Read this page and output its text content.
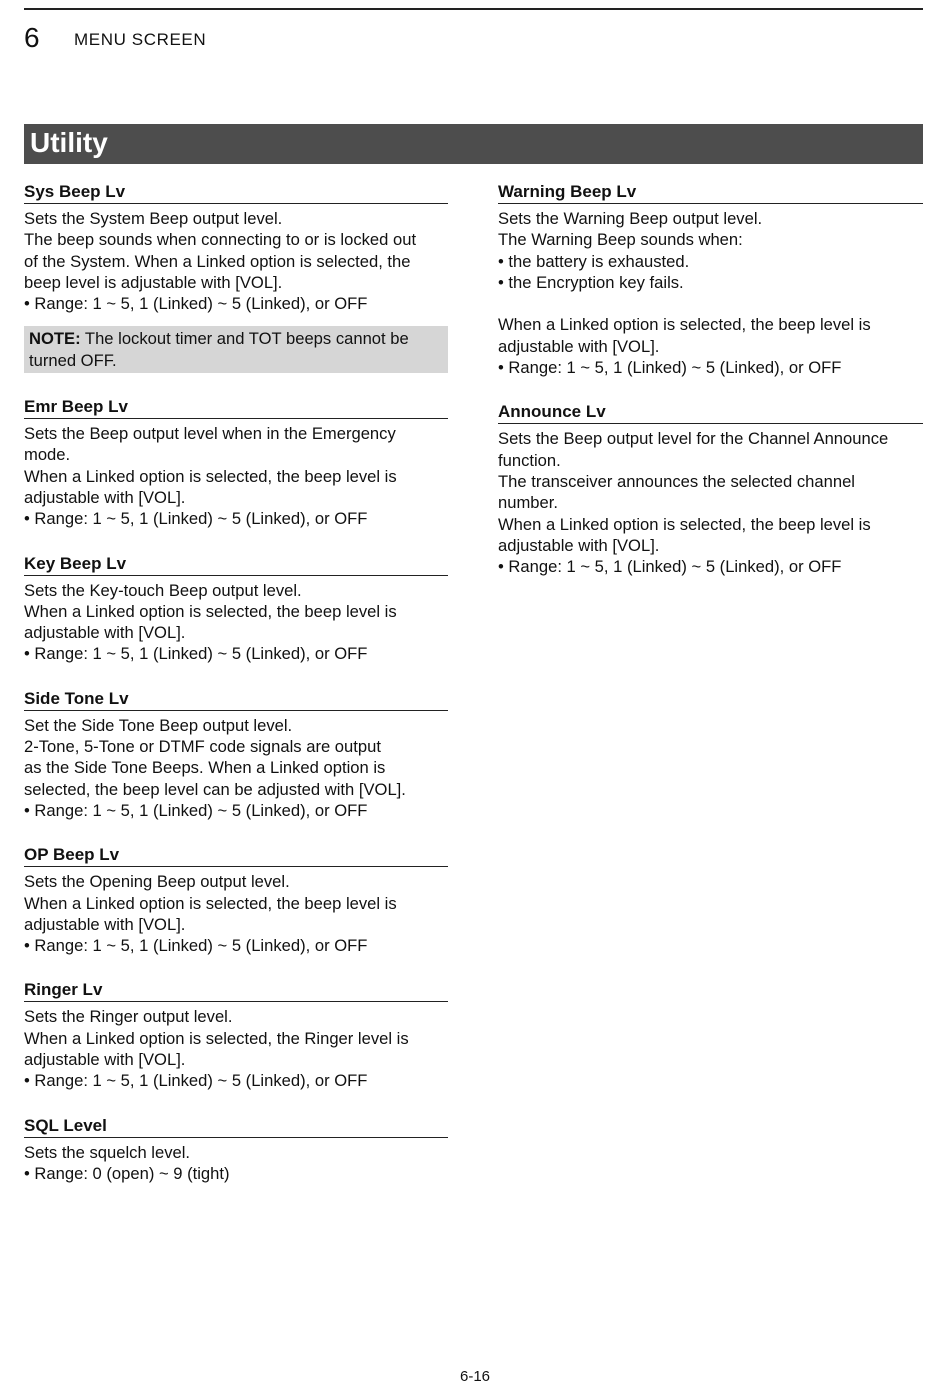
6 MENU SCREEN
Utility
Sys Beep Lv
Sets the System Beep output level.
The beep sounds when connecting to or is locked out
of the System. When a Linked option is selected, the
beep level is adjustable with [VOL].
• Range: 1 ~ 5, 1 (Linked) ~ 5 (Linked), or OFF
NOTE: The lockout timer and TOT beeps cannot be
turned OFF.
Emr Beep Lv
Sets the Beep output level when in the Emergency
mode.
When a Linked option is selected, the beep level is
adjustable with [VOL].
• Range: 1 ~ 5, 1 (Linked) ~ 5 (Linked), or OFF
Key Beep Lv
Sets the Key-touch Beep output level.
When a Linked option is selected, the beep level is
adjustable with [VOL].
• Range: 1 ~ 5, 1 (Linked) ~ 5 (Linked), or OFF
Side Tone Lv
Set the Side Tone Beep output level.
2-Tone, 5-Tone or DTMF code signals are output
as the Side Tone Beeps. When a Linked option is
selected, the beep level can be adjusted with [VOL].
• Range: 1 ~ 5, 1 (Linked) ~ 5 (Linked), or OFF
OP Beep Lv
Sets the Opening Beep output level.
When a Linked option is selected, the beep level is
adjustable with [VOL].
• Range: 1 ~ 5, 1 (Linked) ~ 5 (Linked), or OFF
Ringer Lv
Sets the Ringer output level.
When a Linked option is selected, the Ringer level is
adjustable with [VOL].
• Range: 1 ~ 5, 1 (Linked) ~ 5 (Linked), or OFF
SQL Level
Sets the squelch level.
• Range: 0 (open) ~ 9 (tight)
Warning Beep Lv
Sets the Warning Beep output level.
The Warning Beep sounds when:
• the battery is exhausted.
• the Encryption key fails.
When a Linked option is selected, the beep level is
adjustable with [VOL].
• Range: 1 ~ 5, 1 (Linked) ~ 5 (Linked), or OFF
Announce Lv
Sets the Beep output level for the Channel Announce
function.
The transceiver announces the selected channel
number.
When a Linked option is selected, the beep level is
adjustable with [VOL].
• Range: 1 ~ 5, 1 (Linked) ~ 5 (Linked), or OFF
6-16
